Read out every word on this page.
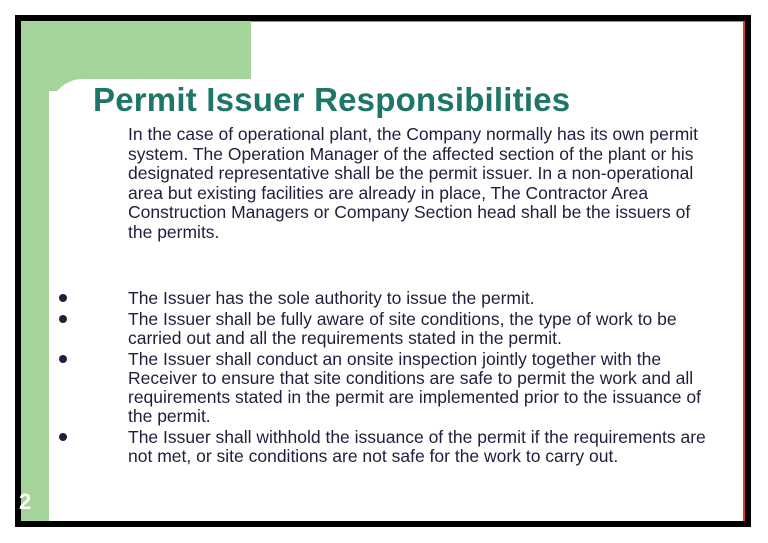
Permit Issuer Responsibilities

In the case of operational plant, the Company normally has its own permit system. The Operation Manager of the affected section of the plant or his designated representative shall be the permit issuer. In a non-operational area but existing facilities are already in place, The Contractor Area Construction Managers or Company Section head shall be the issuers of the permits.

The Issuer has the sole authority to issue the permit.
The Issuer shall be fully aware of site conditions, the type of work to be carried out and all the requirements stated in the permit.
The Issuer shall conduct an onsite inspection jointly together with the Receiver to ensure that site conditions are safe to permit the work and all requirements stated in the permit are implemented prior to the issuance of the permit.
The Issuer shall withhold the issuance of the permit if the requirements are not met, or site conditions are not safe for the work to carry out.
2
